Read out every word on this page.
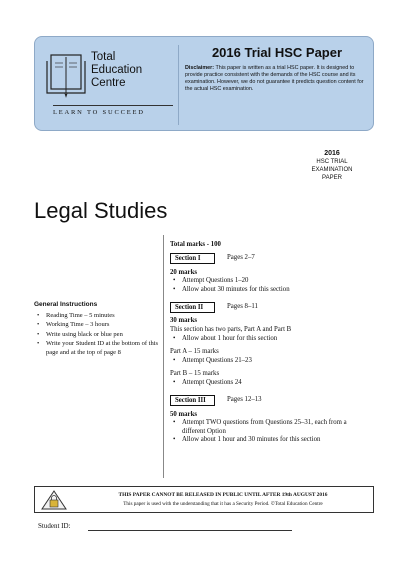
Total
Education
Centre
LEARN TO SUCCEED
2016 Trial HSC Paper
Disclaimer: This paper is written as a trial HSC paper. It is designed to provide practice consistent with the demands of the HSC course and its examination. However, we do not guarantee it predicts question content for the actual HSC examination.
2016
HSC TRIAL
EXAMINATION PAPER
Legal Studies
General Instructions
• Reading Time – 5 minutes
• Working Time – 3 hours
• Write using black or blue pen
• Write your Student ID at the bottom of this page and at the top of page 8
Total marks - 100
Section I	Pages 2–7
20 marks
• Attempt Questions 1–20
• Allow about 30 minutes for this section
Section II	Pages 8–11
30 marks
This section has two parts, Part A and Part B
• Allow about 1 hour for this section
Part A – 15 marks
• Attempt Questions 21–23
Part B – 15 marks
• Attempt Questions 24
Section III	Pages 12–13
50 marks
• Attempt TWO questions from Questions 25–31, each from a different Option
• Allow about 1 hour and 30 minutes for this section
THIS PAPER CANNOT BE RELEASED IN PUBLIC UNTIL AFTER 19th AUGUST 2016
This paper is used with the understanding that it has a Security Period. ©Total Education Centre
Student ID:
